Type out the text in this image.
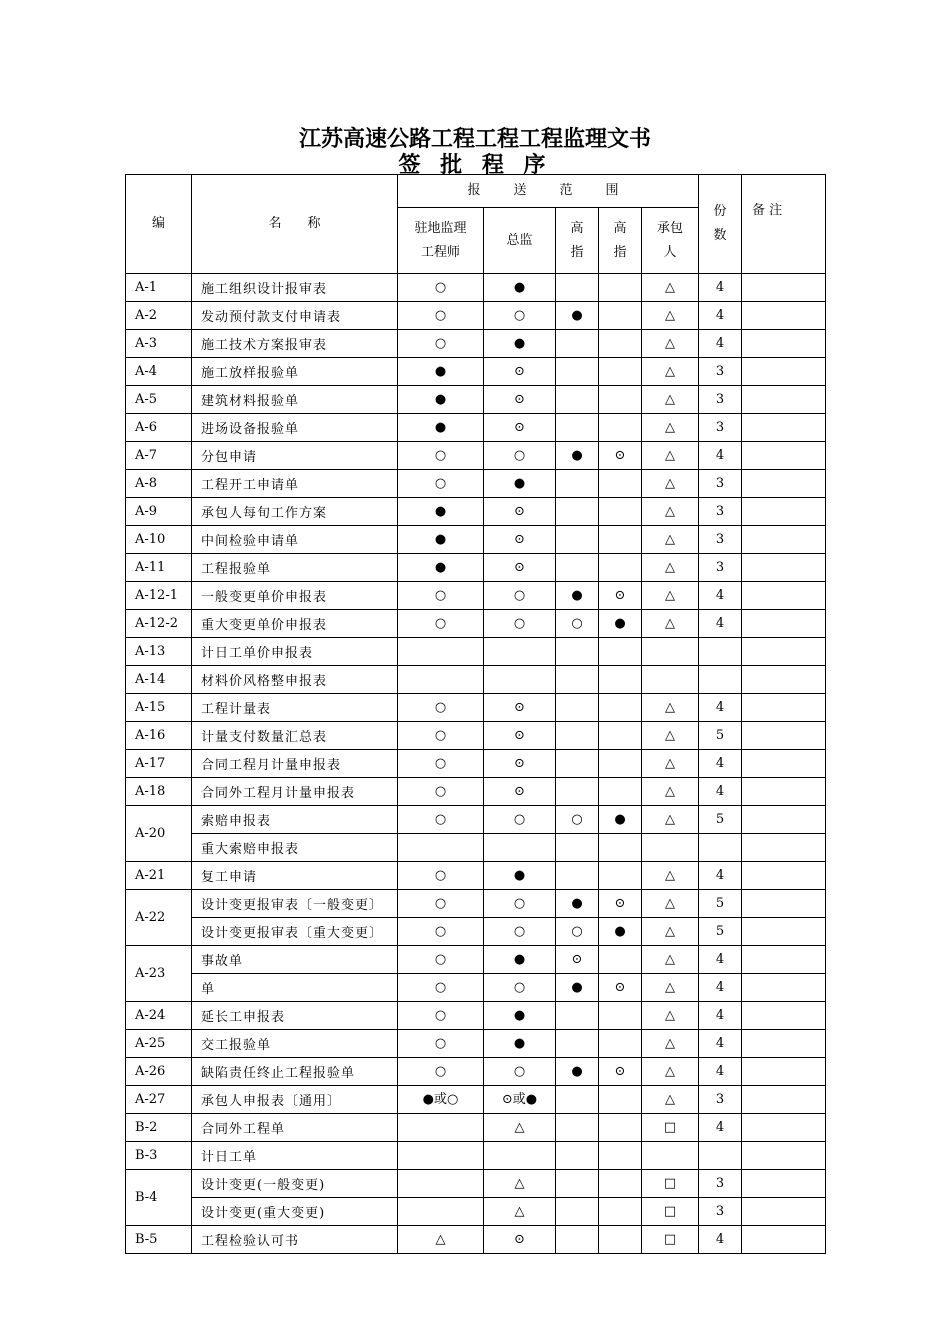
江苏高速公路工程工程工程监理文书
签 批 程 序
编	名　　称	报　送　范　围					份数	备 注
		驻地监理工程师	总监	高指	高指	承包人		
A-1	施工组织设计报审表	○	●			△	4	
A-2	发动预付款支付申请表	○	○	●		△	4	
A-3	施工技术方案报审表	○	●			△	4	
A-4	施工放样报验单	●	⊙			△	3	
A-5	建筑材料报验单	●	⊙			△	3	
A-6	进场设备报验单	●	⊙			△	3	
A-7	分包申请	○	○	●	⊙	△	4	
A-8	工程开工申请单	○	●			△	3	
A-9	承包人每旬工作方案	●	⊙			△	3	
A-10	中间检验申请单	●	⊙			△	3	
A-11	工程报验单	●	⊙			△	3	
A-12-1	一般变更单价申报表	○	○	●	⊙	△	4	
A-12-2	重大变更单价申报表	○	○	○	●	△	4	
A-13	计日工单价申报表							
A-14	材料价风格整申报表							
A-15	工程计量表	○	⊙			△	4	
A-16	计量支付数量汇总表	○	⊙			△	5	
A-17	合同工程月计量申报表	○	⊙			△	4	
A-18	合同外工程月计量申报表	○	⊙			△	4	
A-20	索赔申报表	○	○	○	●	△	5	
	重大索赔申报表							
A-21	复工申请	○	●			△	4	
A-22	设计变更报审表〔一般变更〕	○	○	●	⊙	△	5	
	设计变更报审表〔重大变更〕	○	○	○	●	△	5	
A-23	事故单	○	●	⊙		△	4	
	单	○	○	●	⊙	△	4	
A-24	延长工申报表	○	●			△	4	
A-25	交工报验单	○	●			△	4	
A-26	缺陷责任终止工程报验单	○	○	●	⊙	△	4	
A-27	承包人申报表〔通用〕	●或○	⊙或●			△	3	
B-2	合同外工程单		△			□	4	
B-3	计日工单							
B-4	设计变更(一般变更)		△			□	3	
	设计变更(重大变更)		△			□	3	
B-5	工程检验认可书	△	⊙			□	4	
